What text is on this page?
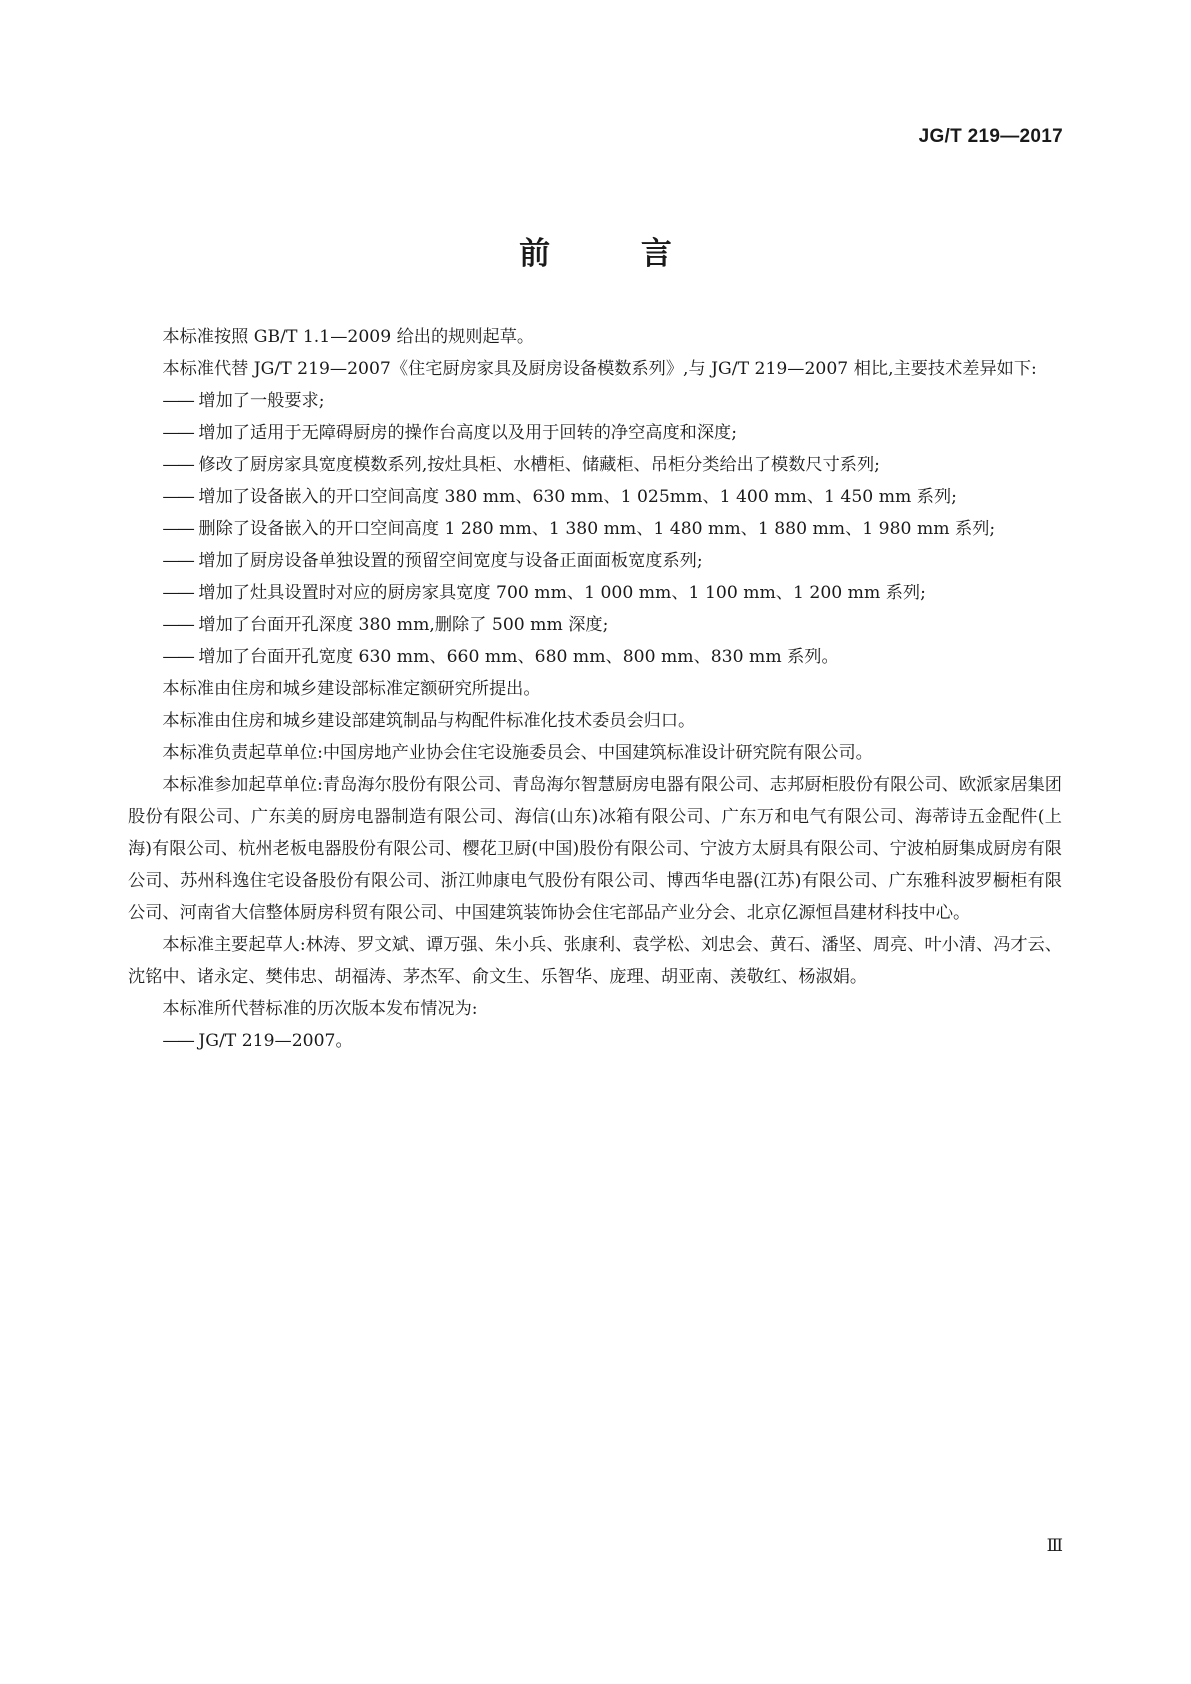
JG/T 219—2017
前 言

本标准按照 GB/T 1.1—2009 给出的规则起草。

本标准代替 JG/T 219—2007《住宅厨房家具及厨房设备模数系列》,与 JG/T 219—2007 相比,主要技术差异如下:

—— 增加了一般要求;

—— 增加了适用于无障碍厨房的操作台高度以及用于回转的净空高度和深度;

—— 修改了厨房家具宽度模数系列,按灶具柜、水槽柜、储藏柜、吊柜分类给出了模数尺寸系列;

—— 增加了设备嵌入的开口空间高度 380 mm、630 mm、1 025mm、1 400 mm、1 450 mm 系列;

—— 删除了设备嵌入的开口空间高度 1 280 mm、1 380 mm、1 480 mm、1 880 mm、1 980 mm 系列;

—— 增加了厨房设备单独设置的预留空间宽度与设备正面面板宽度系列;

—— 增加了灶具设置时对应的厨房家具宽度 700 mm、1 000 mm、1 100 mm、1 200 mm 系列;

—— 增加了台面开孔深度 380 mm,删除了 500 mm 深度;

—— 增加了台面开孔宽度 630 mm、660 mm、680 mm、800 mm、830 mm 系列。

本标准由住房和城乡建设部标准定额研究所提出。

本标准由住房和城乡建设部建筑制品与构配件标准化技术委员会归口。

本标准负责起草单位:中国房地产业协会住宅设施委员会、中国建筑标准设计研究院有限公司。

本标准参加起草单位:青岛海尔股份有限公司、青岛海尔智慧厨房电器有限公司、志邦厨柜股份有限公司、欧派家居集团股份有限公司、广东美的厨房电器制造有限公司、海信(山东)冰箱有限公司、广东万和电气有限公司、海蒂诗五金配件(上海)有限公司、杭州老板电器股份有限公司、樱花卫厨(中国)股份有限公司、宁波方太厨具有限公司、宁波柏厨集成厨房有限公司、苏州科逸住宅设备股份有限公司、浙江帅康电气股份有限公司、博西华电器(江苏)有限公司、广东雅科波罗橱柜有限公司、河南省大信整体厨房科贸有限公司、中国建筑装饰协会住宅部品产业分会、北京亿源恒昌建材科技中心。

本标准主要起草人:林涛、罗文斌、谭万强、朱小兵、张康利、袁学松、刘忠会、黄石、潘坚、周亮、叶小清、冯才云、沈铭中、诸永定、樊伟忠、胡福涛、茅杰军、俞文生、乐智华、庞理、胡亚南、羡敬红、杨淑娟。

本标准所代替标准的历次版本发布情况为:

—— JG/T 219—2007。

Ⅲ
